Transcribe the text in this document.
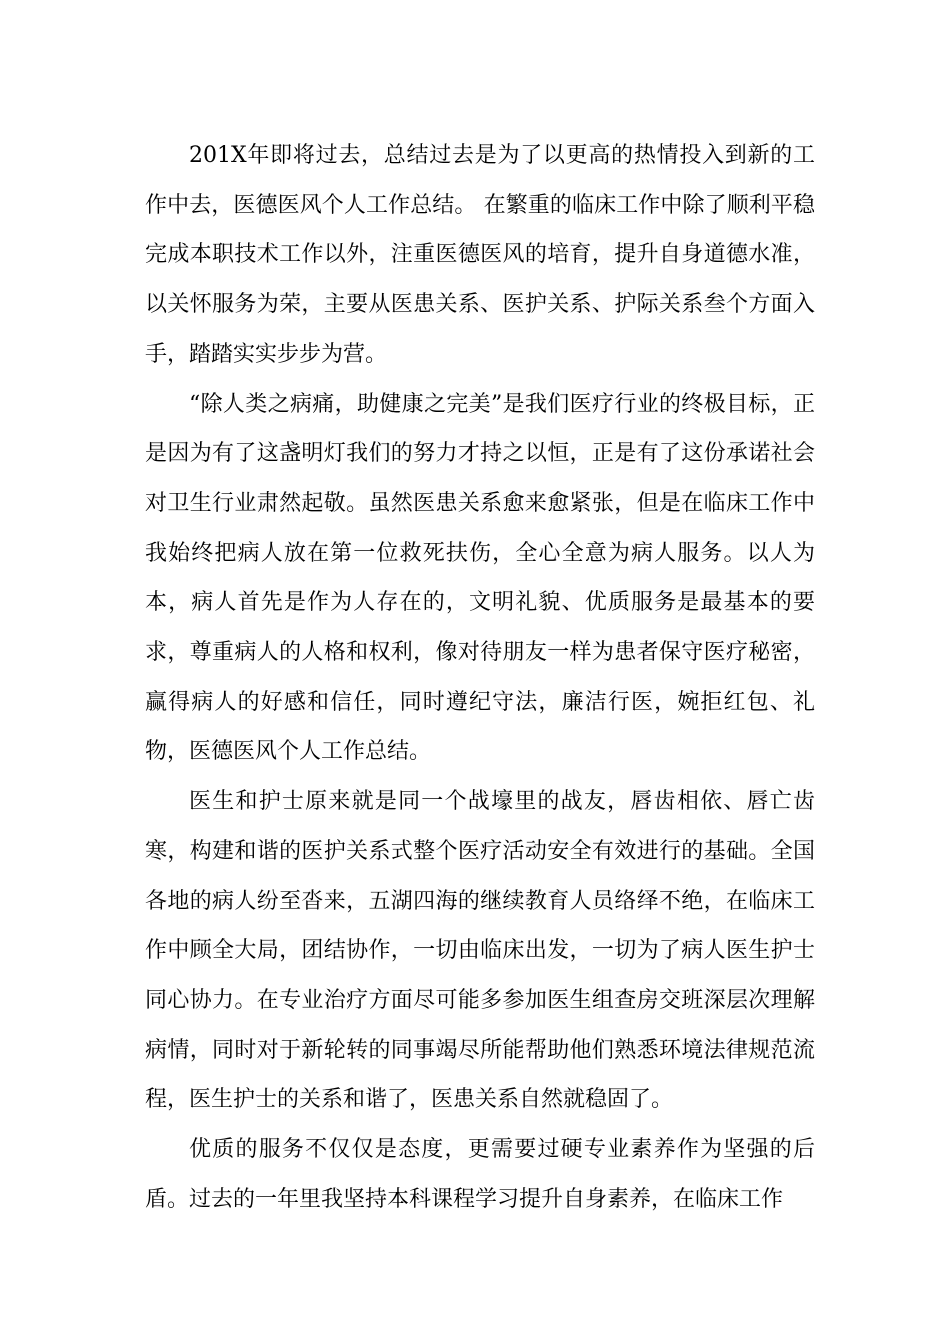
201X年即将过去，总结过去是为了以更高的热情投入到新的工作中去，医德医风个人工作总结。 在繁重的临床工作中除了顺利平稳完成本职技术工作以外，注重医德医风的培育，提升自身道德水准，以关怀服务为荣，主要从医患关系、医护关系、护际关系叁个方面入手，踏踏实实步步为营。

“除人类之病痛，助健康之完美”是我们医疗行业的终极目标，正是因为有了这盏明灯我们的努力才持之以恒，正是有了这份承诺社会对卫生行业肃然起敬。虽然医患关系愈来愈紧张，但是在临床工作中我始终把病人放在第一位救死扶伤，全心全意为病人服务。以人为本，病人首先是作为人存在的，文明礼貌、优质服务是最基本的要求，尊重病人的人格和权利，像对待朋友一样为患者保守医疗秘密，赢得病人的好感和信任，同时遵纪守法，廉洁行医，婉拒红包、礼物，医德医风个人工作总结。

医生和护士原来就是同一个战壕里的战友，唇齿相依、唇亡齿寒，构建和谐的医护关系式整个医疗活动安全有效进行的基础。全国各地的病人纷至沓来，五湖四海的继续教育人员络绎不绝，在临床工作中顾全大局，团结协作，一切由临床出发，一切为了病人医生护士同心协力。在专业治疗方面尽可能多参加医生组查房交班深层次理解病情，同时对于新轮转的同事竭尽所能帮助他们熟悉环境法律规范流程，医生护士的关系和谐了，医患关系自然就稳固了。

优质的服务不仅仅是态度，更需要过硬专业素养作为坚强的后盾。过去的一年里我坚持本科课程学习提升自身素养，在临床工作
